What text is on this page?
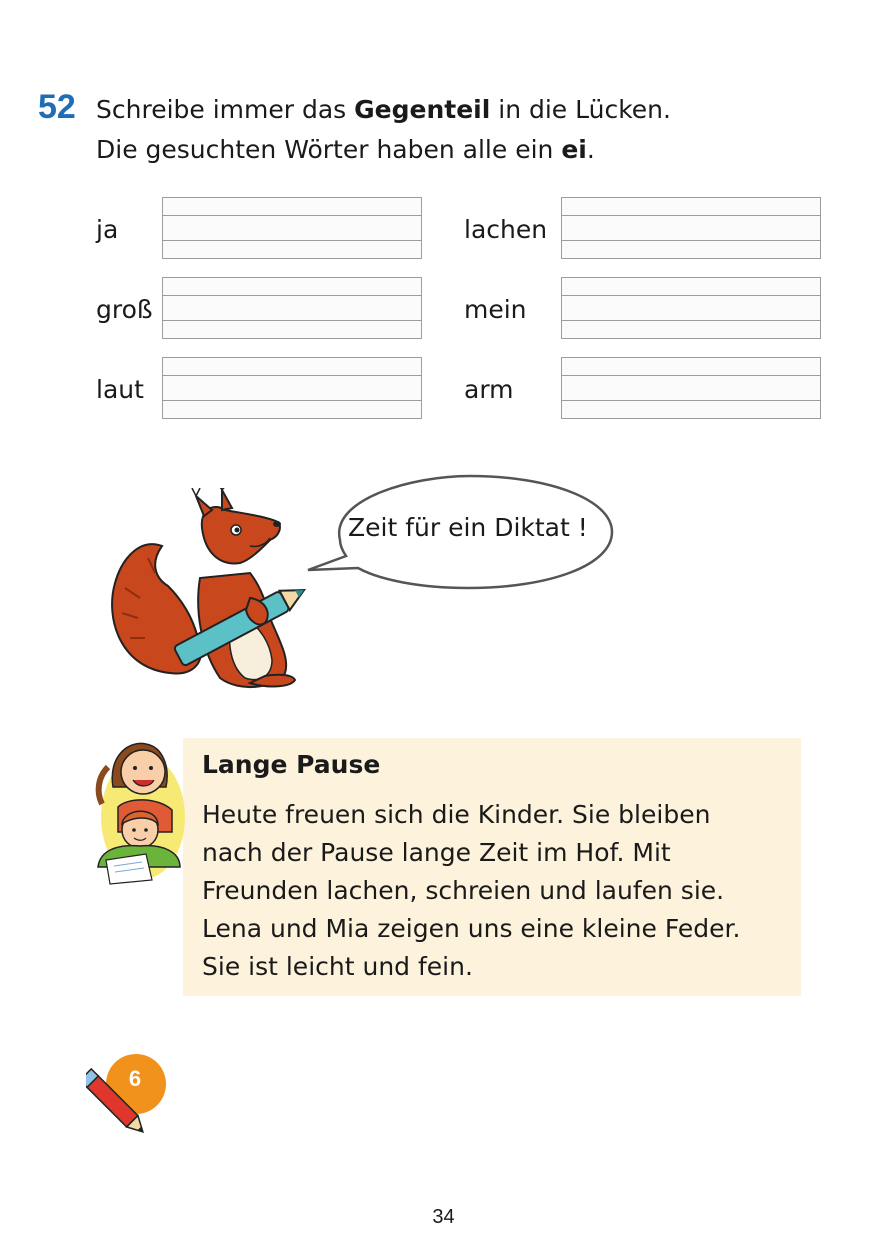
52 Schreibe immer das Gegenteil in die Lücken.
Die gesuchten Wörter haben alle ein ei.
ja	lachen
groß	mein
laut	arm
Zeit für ein Diktat !
Lange Pause
Heute freuen sich die Kinder. Sie bleiben
nach der Pause lange Zeit im Hof. Mit
Freunden lachen, schreien und laufen sie.
Lena und Mia zeigen uns eine kleine Feder.
Sie ist leicht und fein.
6
34
